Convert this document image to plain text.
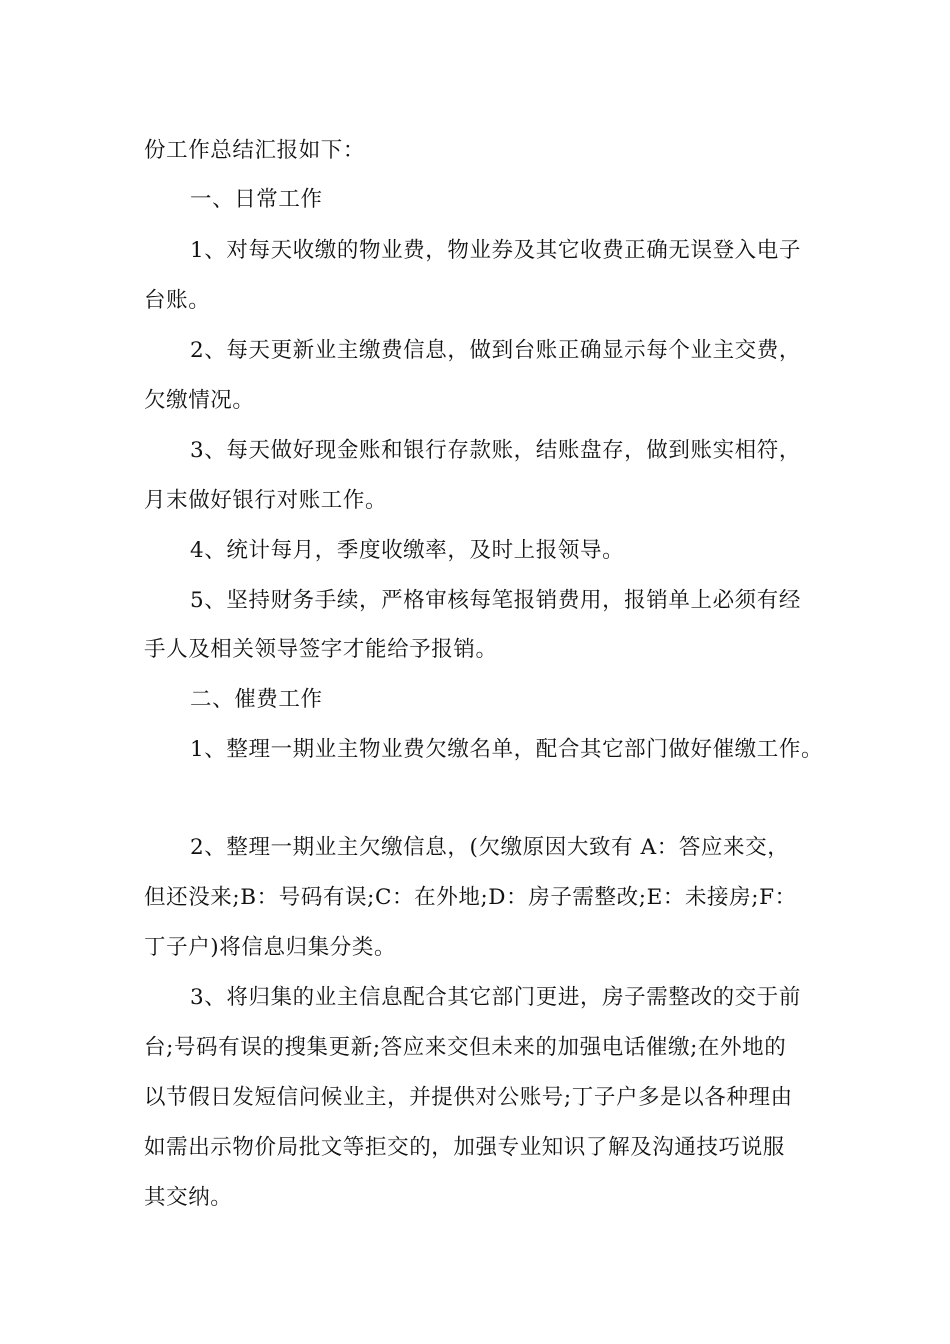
份工作总结汇报如下：
一、日常工作
1、对每天收缴的物业费，物业券及其它收费正确无误登入电子
台账。
2、每天更新业主缴费信息，做到台账正确显示每个业主交费，
欠缴情况。
3、每天做好现金账和银行存款账，结账盘存，做到账实相符，
月末做好银行对账工作。
4、统计每月，季度收缴率，及时上报领导。
5、坚持财务手续，严格审核每笔报销费用，报销单上必须有经
手人及相关领导签字才能给予报销。
二、催费工作
1、整理一期业主物业费欠缴名单，配合其它部门做好催缴工作。
2、整理一期业主欠缴信息，(欠缴原因大致有 A：答应来交，
但还没来;B：号码有误;C：在外地;D：房子需整改;E：未接房;F：
丁子户)将信息归集分类。
3、将归集的业主信息配合其它部门更进，房子需整改的交于前
台;号码有误的搜集更新;答应来交但未来的加强电话催缴;在外地的
以节假日发短信问候业主，并提供对公账号;丁子户多是以各种理由
如需出示物价局批文等拒交的，加强专业知识了解及沟通技巧说服
其交纳。
